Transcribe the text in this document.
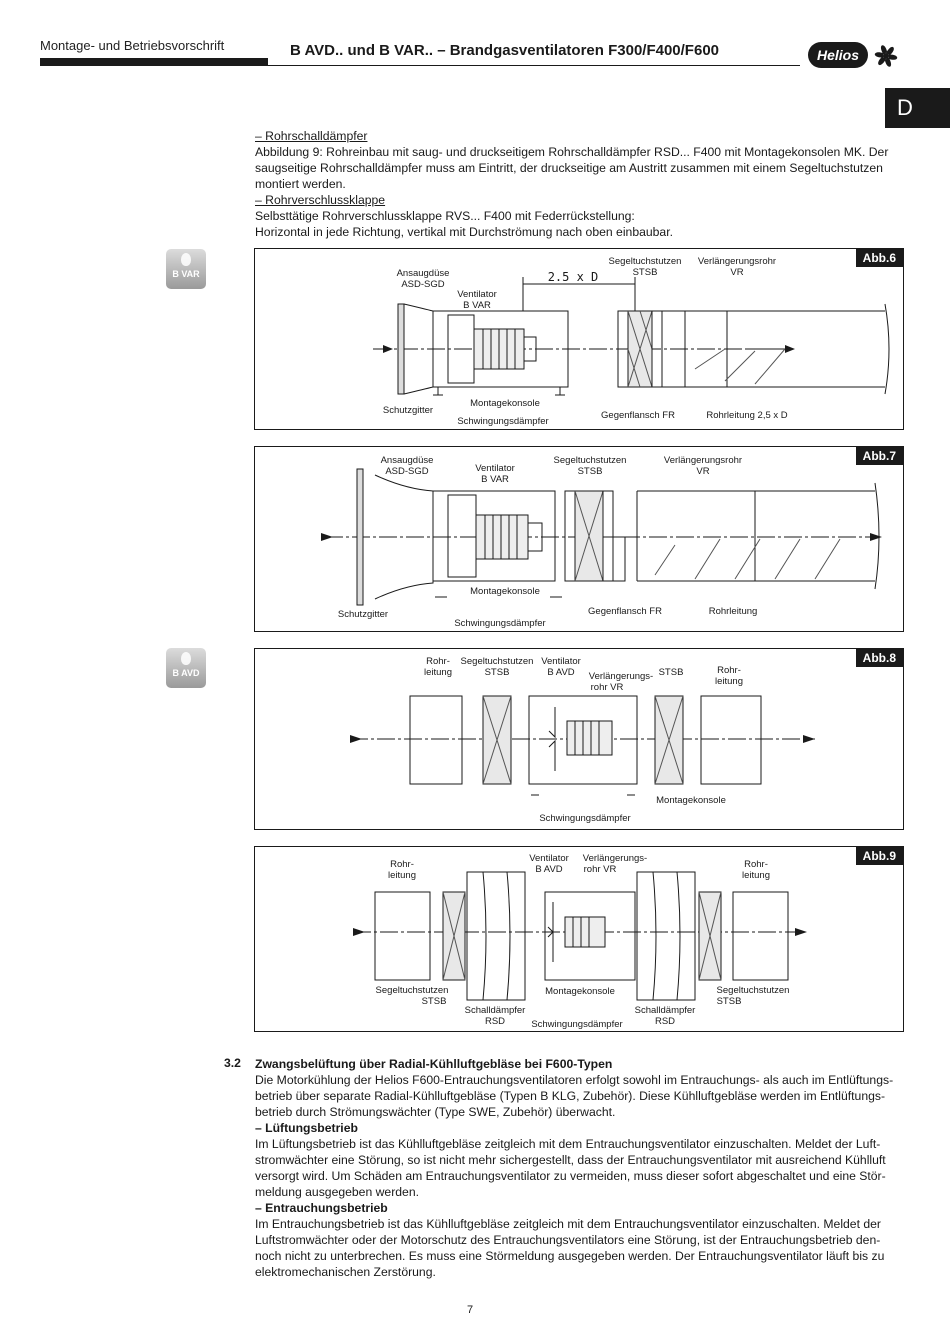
Montage- und Betriebsvorschrift	B AVD.. und B VAR.. – Brandgasventilatoren F300/F400/F600	Helios
D
– Rohrschalldämpfer
Abbildung 9: Rohreinbau mit saug- und druckseitigem Rohrschalldämpfer RSD... F400 mit Montagekonsolen MK. Der
saugseitige Rohrschalldämpfer muss am Eintritt, der druckseitige am Austritt zusammen mit einem Segeltuchstutzen
montiert werden.
– Rohrverschlussklappe
Selbsttätige Rohrverschlussklappe RVS... F400 mit Federrückstellung:
Horizontal in jede Richtung, vertikal mit Durchströmung nach oben einbaubar.
B VAR
B AVD
Abb.6
Ansaugdüse
ASD-SGD
Ventilator
B VAR
2.5 x D
Segeltuchstutzen
STSB
Verlängerungsrohr
VR
Montagekonsole
Schutzgitter
Schwingungsdämpfer
Gegenflansch FR	Rohrleitung 2,5 x D
Abb.7
Ansaugdüse
ASD-SGD	Ventilator
B VAR
Segeltuchstutzen
STSB
Verlängerungsrohr
VR
Montagekonsole
Schutzgitter	Gegenflansch FR	Rohrleitung
Schwingungsdämpfer
Abb.8
Rohr-
leitung
Segeltuchstutzen
STSB
Ventilator
B AVD Verlängerungs-
rohr VR
STSB	Rohr-
leitung
Montagekonsole
Schwingungsdämpfer
Abb.9
Rohr-
leitung
Ventilator
B AVD
Verlängerungs-
rohr VR	Rohr-
leitung
Segeltuchstutzen
STSB
Schalldämpfer
RSD
Montagekonsole
Schwingungsdämpfer
Schalldämpfer
RSD
Segeltuchstutzen
STSB
3.2 Zwangsbelüftung über Radial-Kühlluftgebläse bei F600-Typen
Die Motorkühlung der Helios F600-Entrauchungsventilatoren erfolgt sowohl im Entrauchungs- als auch im Entlüftungs-
betrieb über separate Radial-Kühlluftgebläse (Typen B KLG, Zubehör). Diese Kühlluftgebläse werden im Entlüftungs-
betrieb durch Strömungswächter (Type SWE, Zubehör) überwacht.
– Lüftungsbetrieb
Im Lüftungsbetrieb ist das Kühlluftgebläse zeitgleich mit dem Entrauchungsventilator einzuschalten. Meldet der Luft-
stromwächter eine Störung, so ist nicht mehr sichergestellt, dass der Entrauchungsventilator mit ausreichend Kühlluft
versorgt wird. Um Schäden am Entrauchungsventilator zu vermeiden, muss dieser sofort abgeschaltet und eine Stör-
meldung ausgegeben werden.
– Entrauchungsbetrieb
Im Entrauchungsbetrieb ist das Kühlluftgebläse zeitgleich mit dem Entrauchungsventilator einzuschalten. Meldet der
Luftstromwächter oder der Motorschutz des Entrauchungsventilators eine Störung, ist der Entrauchungsbetrieb den-
noch nicht zu unterbrechen. Es muss eine Störmeldung ausgegeben werden. Der Entrauchungsventilator läuft bis zu
elektromechanischen Zerstörung.
7
